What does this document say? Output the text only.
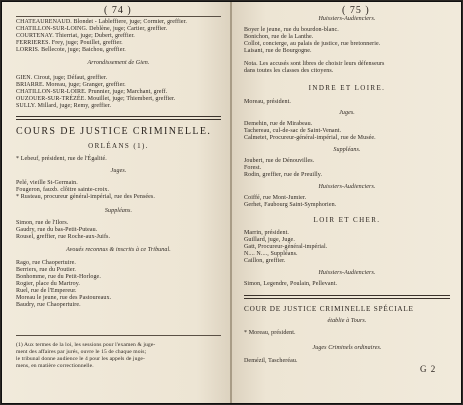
( 74 )
CHATEAURENAUD. Blondet - Lableffiere, juge; Cormier, greffier.
CHATILLON-SUR-LOING. Deblène, juge; Cartier, greffier.
COURTENAY. Thierriat, juge; Dubert, greffier.
FERRIERES. Frey, juge; Pouillet, greffier.
LORRIS. Bellecote, juge; Baichou, greffier.
Arrondissement de Gien.
GIEN. Cirout, juge; Défaut, greffier.
BRIARRE. Moreau, juge; Granger, greffier.
CHATILLON-SUR-LOIRE. Prunnier, juge; Marchant, greff.
OUZOUER-SUR-TRÉZÉE. Mouillet, juge; Thiembert, greffier.
SULLY. Millard, juge; Remy, greffier.
COURS DE JUSTICE CRIMINELLE.
ORLÉANS (1).
* Lebeuf, président, rue de l'Égalité.
Juges.
Pelé, vieille St-Germain.
Fougeron, fauxb. clôitre sainte-croix.
* Rusteau, procureur général-impérial, rue des Pensées.
Suppléans.
Simon, rue de l'Ilors.
Gaudry, rue du bas-Petit-Puteau.
Rousel, greffier, rue Roche-aux-Juifs.
Avoués reconnus & inscrits à ce Tribunal.
Rago, rue Chaopertuire.
Berriers, rue du Poutier.
Bonhomme, rue du Petit-Horloge.
Rogier, place du Martroy.
Ruel, rue de l'Empereur.
Moreau le jeune, rue des Pastoureaux.
Baudry, rue Chaopertuire.
(1) Aux termes de la loi, les sessions pour l'examen & juge-
ment des affaires par jurés, ouvre le 15 de chaque mois;
le tribunal donne audience le 4 pour les appels de juge-
mens, en matière correctionnelle.
( 75 )
Huissiers-Audienciers.
Boyer le jeune, rue du bourdon-blanc.
Bonichon, rue de la Lanthe.
Collot, concierge, au palais de justice, rue bretonnerie.
Laisant, rue de Bourgogne.
Nota. Les accusés sont libres de choisir leurs défenseurs
dans toutes les classes des citoyens.
INDRE ET LOIRE.
Moreau, président.
Juges.
Demehin, rue de Mirabeau.
Tachereau, cul-de-sac de Saint-Venant.
Calmetet, Procureur-général-impérial, rue de Musée.
Suppléans.
Joubert, rue de Dénouvilles.
Forest.
Rodin, greffier, rue de Preuilly.
Huissiers-Audienciers.
Coiffé, rue Mont-Jumier.
Gerhet, Faubourg Saint-Symphorien.
LOIR ET CHER.
Marrin, président.
Guillard, juge, Juge.
Gatt, Procureur-général-impérial.
N.... N...., Suppléans.
Caillon, greffier.
Huissiers-Audienciers.
Simon, Legendre, Poulain, Pellevant.
COUR DE JUSTICE CRIMINELLE SPÉCIALE
établie à Tours.
* Moreau, président.
Juges Criminels ordinaires.
Demézil, Tascheréau.
G 2
